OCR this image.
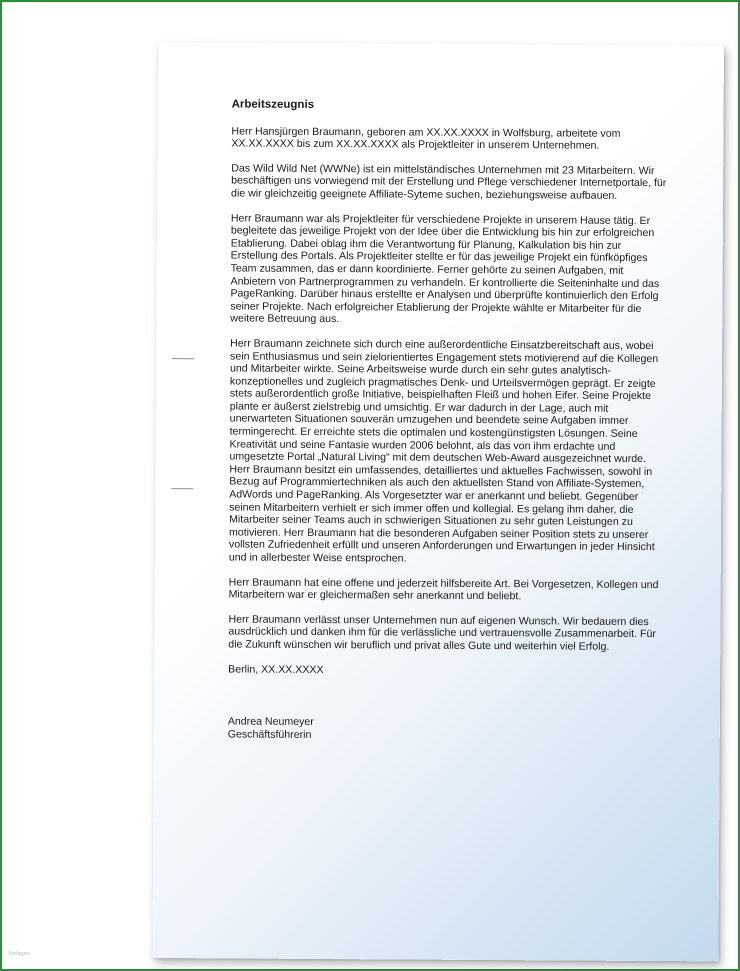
Arbeitszeugnis

Herr Hansjürgen Braumann, geboren am XX.XX.XXXX in Wolfsburg, arbeitete vom XX.XX.XXXX bis zum XX.XX.XXXX als Projektleiter in unserem Unternehmen.

Das Wild Wild Net (WWNe) ist ein mittelständisches Unternehmen mit 23 Mitarbeitern. Wir beschäftigen uns vorwiegend mit der Erstellung und Pflege verschiedener Internetportale, für die wir gleichzeitig geeignete Affiliate-Syteme suchen, beziehungsweise aufbauen.

Herr Braumann war als Projektleiter für verschiedene Projekte in unserem Hause tätig. Er begleitete das jeweilige Projekt von der Idee über die Entwicklung bis hin zur erfolgreichen Etablierung. Dabei oblag ihm die Verantwortung für Planung, Kalkulation bis hin zur Erstellung des Portals. Als Projektleiter stellte er für das jeweilige Projekt ein fünfköpfiges Team zusammen, das er dann koordinierte. Ferner gehörte zu seinen Aufgaben, mit Anbietern von Partnerprogrammen zu verhandeln. Er kontrollierte die Seiteninhalte und das PageRanking. Darüber hinaus erstellte er Analysen und überprüfte kontinuierlich den Erfolg seiner Projekte. Nach erfolgreicher Etablierung der Projekte wählte er Mitarbeiter für die weitere Betreuung aus.

Herr Braumann zeichnete sich durch eine außerordentliche Einsatzbereitschaft aus, wobei sein Enthusiasmus und sein zielorientiertes Engagement stets motivierend auf die Kollegen und Mitarbeiter wirkte. Seine Arbeitsweise wurde durch ein sehr gutes analytisch-konzeptionelles und zugleich pragmatisches Denk- und Urteilsvermögen geprägt. Er zeigte stets außerordentlich große Initiative, beispielhaften Fleiß und hohen Eifer. Seine Projekte plante er äußerst zielstrebig und umsichtig. Er war dadurch in der Lage, auch mit unerwarteten Situationen souverän umzugehen und beendete seine Aufgaben immer termingerecht. Er erreichte stets die optimalen und kostengünstigsten Lösungen. Seine Kreativität und seine Fantasie wurden 2006 belohnt, als das von ihm erdachte und umgesetzte Portal „Natural Living“ mit dem deutschen Web-Award ausgezeichnet wurde. Herr Braumann besitzt ein umfassendes, detailliertes und aktuelles Fachwissen, sowohl in Bezug auf Programmiertechniken als auch den aktuellsten Stand von Affiliate-Systemen, AdWords und PageRanking. Als Vorgesetzter war er anerkannt und beliebt. Gegenüber seinen Mitarbeitern verhielt er sich immer offen und kollegial. Es gelang ihm daher, die Mitarbeiter seiner Teams auch in schwierigen Situationen zu sehr guten Leistungen zu motivieren. Herr Braumann hat die besonderen Aufgaben seiner Position stets zu unserer vollsten Zufriedenheit erfüllt und unseren Anforderungen und Erwartungen in jeder Hinsicht und in allerbester Weise entsprochen.

Herr Braumann hat eine offene und jederzeit hilfsbereite Art. Bei Vorgesetzen, Kollegen und Mitarbeitern war er gleichermaßen sehr anerkannt und beliebt.

Herr Braumann verlässt unser Unternehmen nun auf eigenen Wunsch. Wir bedauern dies ausdrücklich und danken ihm für die verlässliche und vertrauensvolle Zusammenarbeit. Für die Zukunft wünschen wir beruflich und privat alles Gute und weiterhin viel Erfolg.

Berlin, XX.XX.XXXX
Andrea Neumeyer
Geschäftsführerin
Vorlagen
